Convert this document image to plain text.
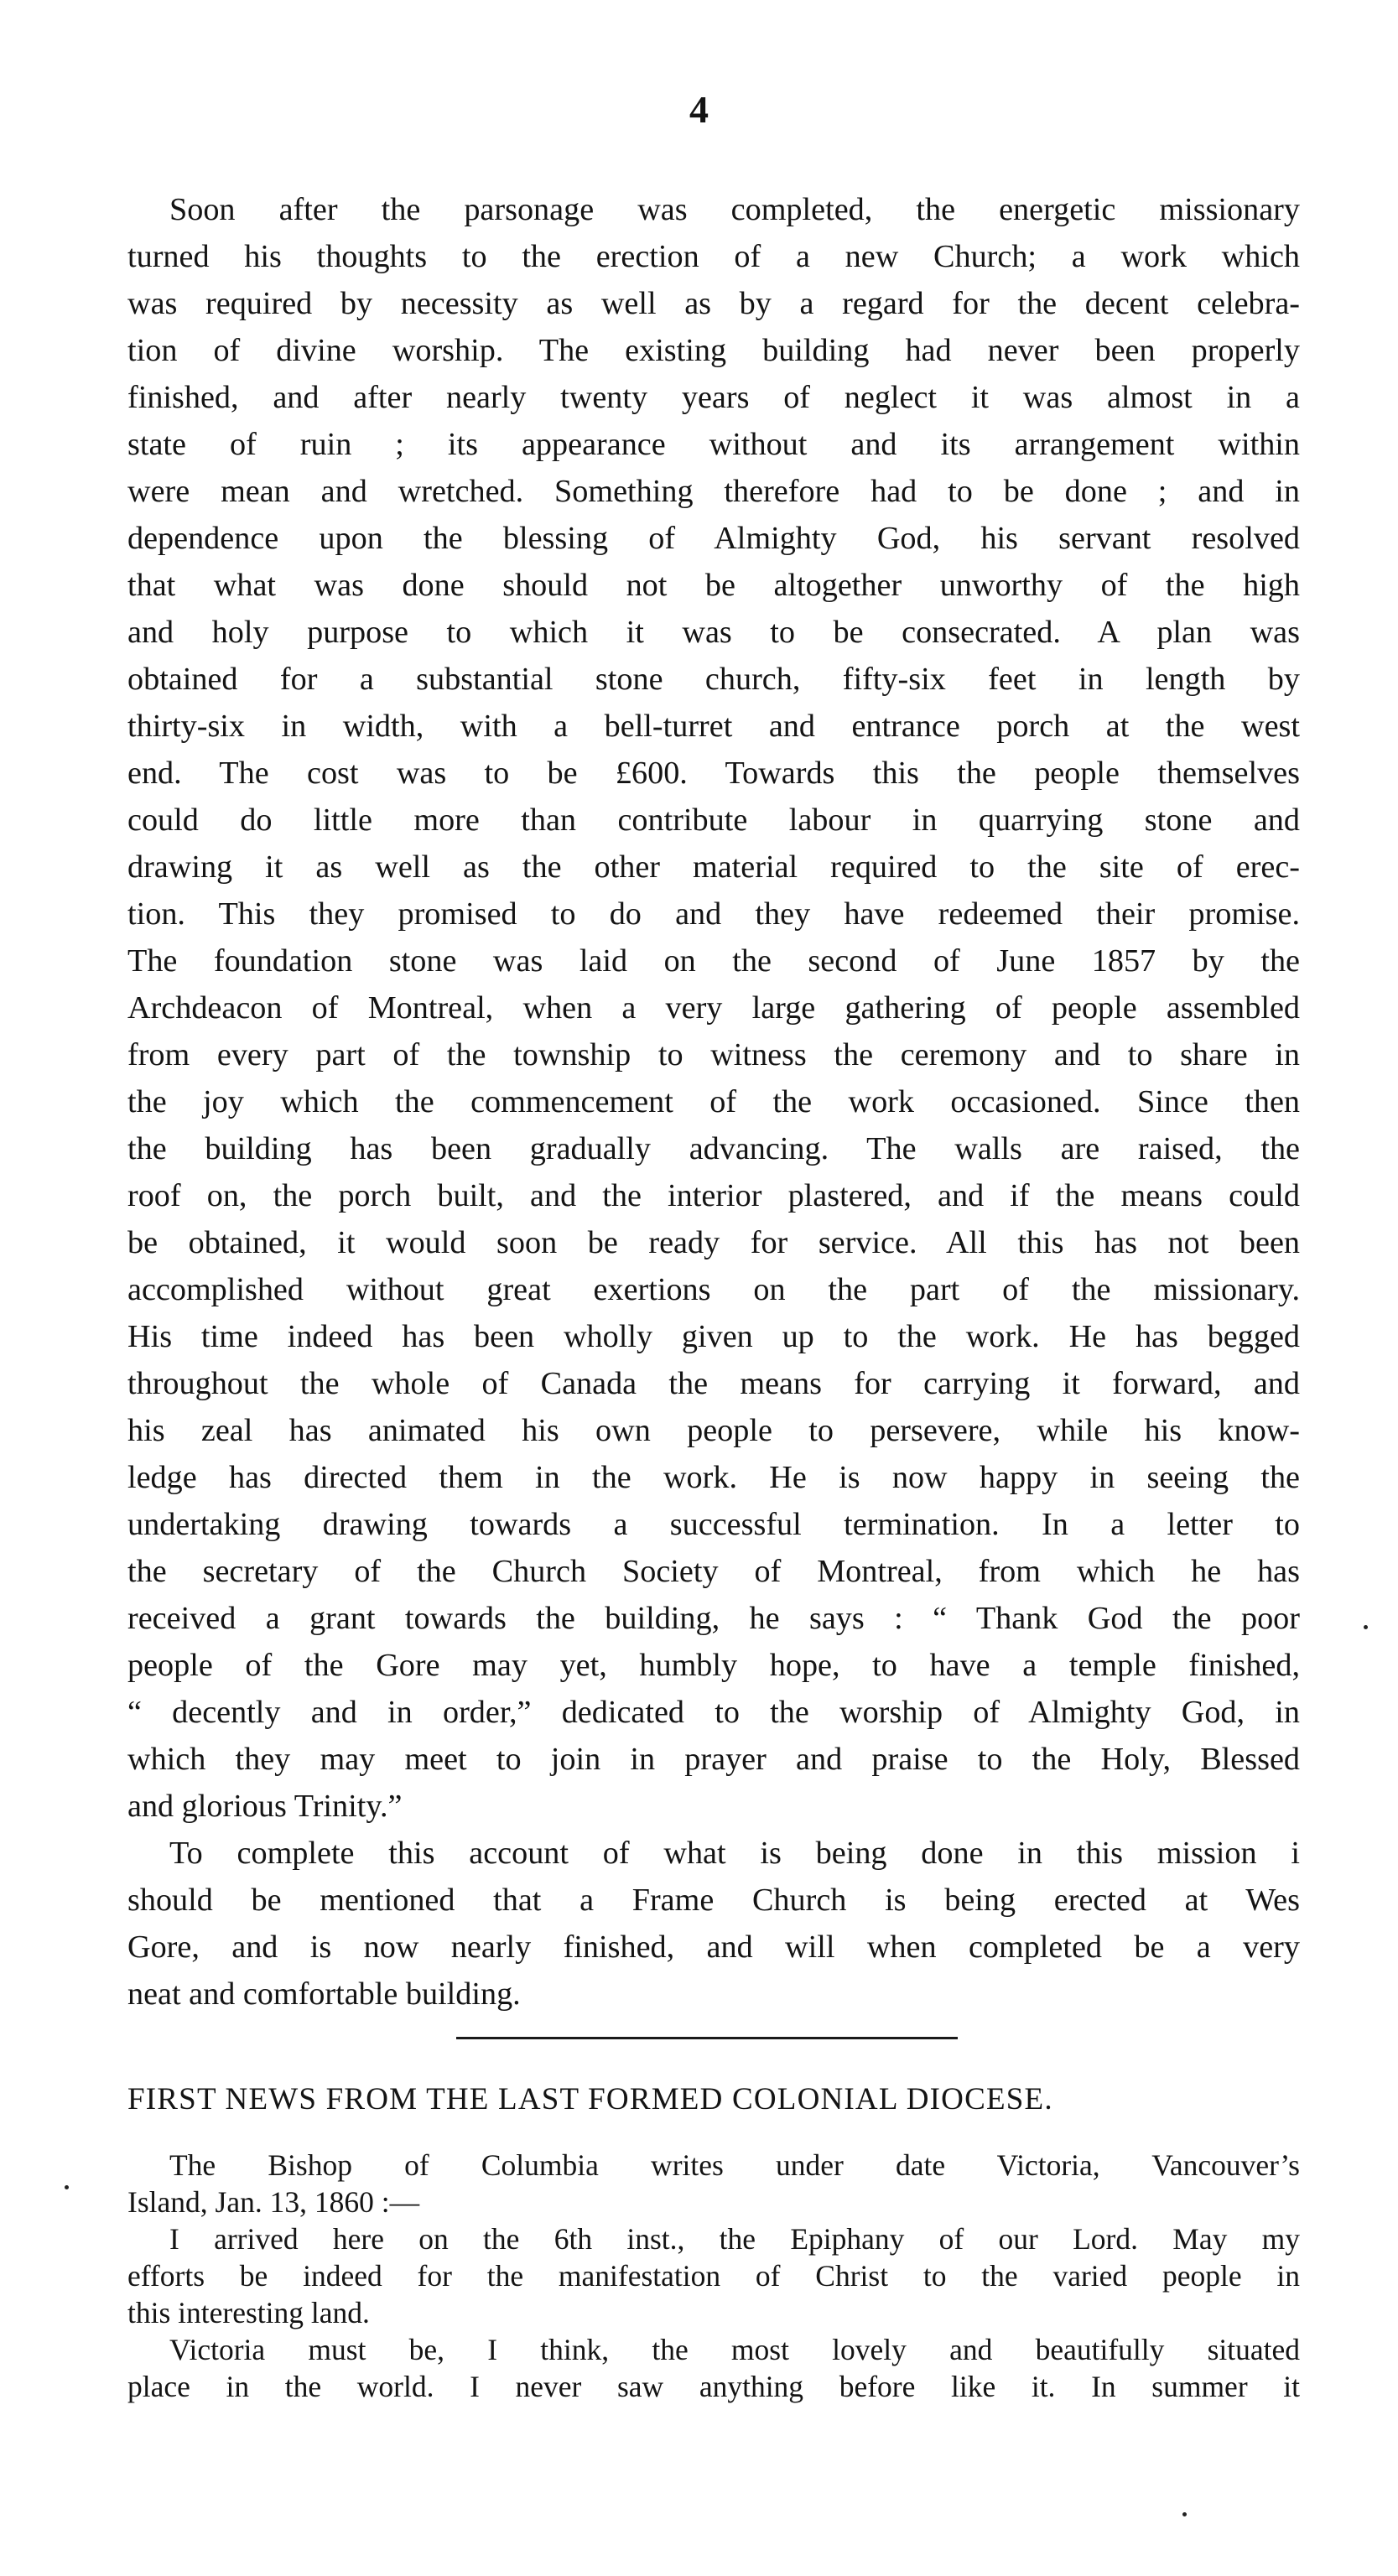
4

Soon after the parsonage was completed, the energetic missionary
turned his thoughts to the erection of a new Church; a work which
was required by necessity as well as by a regard for the decent celebra-
tion of divine worship. The existing building had never been properly
finished, and after nearly twenty years of neglect it was almost in a
state of ruin ; its appearance without and its arrangement within
were mean and wretched. Something therefore had to be done ; and in
dependence upon the blessing of Almighty God, his servant resolved
that what was done should not be altogether unworthy of the high
and holy purpose to which it was to be consecrated. A plan was
obtained for a substantial stone church, fifty-six feet in length by
thirty-six in width, with a bell-turret and entrance porch at the west
end. The cost was to be £600. Towards this the people themselves
could do little more than contribute labour in quarrying stone and
drawing it as well as the other material required to the site of erec-
tion. This they promised to do and they have redeemed their promise.
The foundation stone was laid on the second of June 1857 by the
Archdeacon of Montreal, when a very large gathering of people assembled
from every part of the township to witness the ceremony and to share in
the joy which the commencement of the work occasioned. Since then
the building has been gradually advancing. The walls are raised, the
roof on, the porch built, and the interior plastered, and if the means could
be obtained, it would soon be ready for service. All this has not been
accomplished without great exertions on the part of the missionary.
His time indeed has been wholly given up to the work. He has begged
throughout the whole of Canada the means for carrying it forward, and
his zeal has animated his own people to persevere, while his know-
ledge has directed them in the work. He is now happy in seeing the
undertaking drawing towards a successful termination. In a letter to
the secretary of the Church Society of Montreal, from which he has
received a grant towards the building, he says : “ Thank God the poor
people of the Gore may yet, humbly hope, to have a temple finished,
“ decently and in order,” dedicated to the worship of Almighty God, in
which they may meet to join in prayer and praise to the Holy, Blessed
and glorious Trinity.”

To complete this account of what is being done in this mission i
should be mentioned that a Frame Church is being erected at Wes
Gore, and is now nearly finished, and will when completed be a very
neat and comfortable building.

FIRST NEWS FROM THE LAST FORMED COLONIAL DIOCESE.

The Bishop of Columbia writes under date Victoria, Vancouver’s
Island, Jan. 13, 1860 :—

I arrived here on the 6th inst., the Epiphany of our Lord. May my
efforts be indeed for the manifestation of Christ to the varied people in
this interesting land.

Victoria must be, I think, the most lovely and beautifully situated
place in the world. I never saw anything before like it. In summer it
